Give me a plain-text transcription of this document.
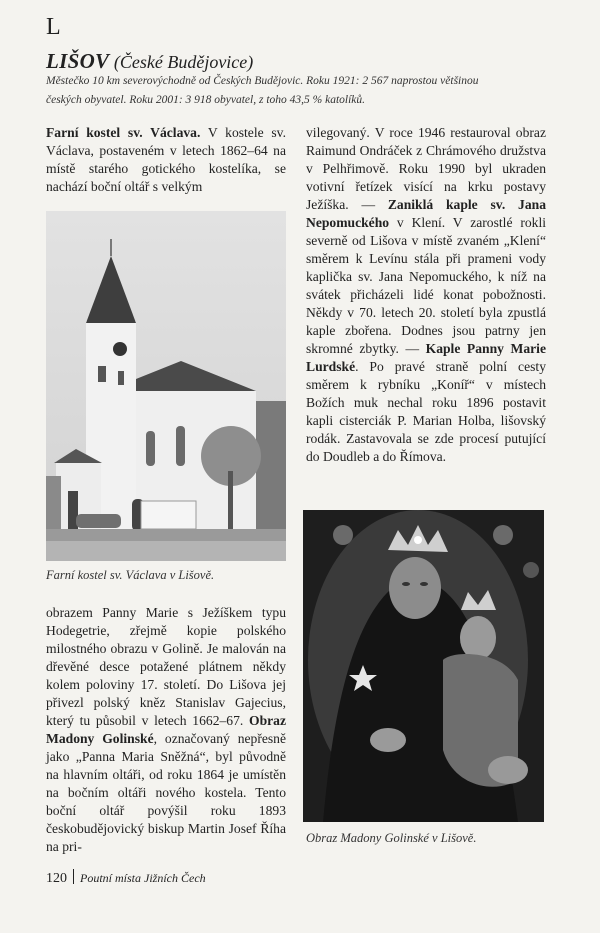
L
LIŠOV (České Budějovice)
Městečko 10 km severovýchodně od Českých Budějovic. Roku 1921: 2 567 naprostou většinou
českých obyvatel. Roku 2001: 3 918 obyvatel, z toho 43,5 % katolíků.

Farní kostel sv. Václava. V kostele sv. Václava, postaveném v letech 1862–64 na místě starého gotického kostelíka, se nachází boční oltář s velkým

Farní kostel sv. Václava v Lišově.

obrazem Panny Marie s Ježíškem typu Hodegetrie, zřejmě kopie polského milostného obrazu v Golině. Je malován na dřevěné desce potažené plátnem někdy kolem poloviny 17. století. Do Lišova jej přivezl polský kněz Stanislav Gajecius, který tu působil v letech 1662–67. Obraz Madony Golinské, označovaný nepřesně jako „Panna Maria Sněžná“, byl původně na hlavním oltáři, od roku 1864 je umístěn na bočním oltáři nového kostela. Tento boční oltář povýšil roku 1893 českobudějovický biskup Martin Josef Říha na pri-

vilegovaný. V roce 1946 restauroval obraz Raimund Ondráček z Chrámového družstva v Pelhřimově. Roku 1990 byl ukraden votivní řetízek visící na krku postavy Ježíška. — Zaniklá kaple sv. Jana Nepomuckého v Klení. V zarostlé rokli severně od Lišova v místě zvaném „Klení“ směrem k Levínu stála při prameni vody kaplička sv. Jana Nepomuckého, k níž na svátek přicházeli lidé konat pobožnosti. Někdy v 70. letech 20. století byla zpustlá kaple zbořena. Dodnes jsou patrny jen skromné zbytky. — Kaple Panny Marie Lurdské. Po pravé straně polní cesty směrem k rybníku „Koníř“ v místech Božích muk nechal roku 1896 postavit kapli cisterciák P. Marian Holba, lišovský rodák. Zastavovala se zde procesí putující do Doudleb a do Římova.

Obraz Madony Golinské v Lišově.
120 Poutní místa Jižních Čech
